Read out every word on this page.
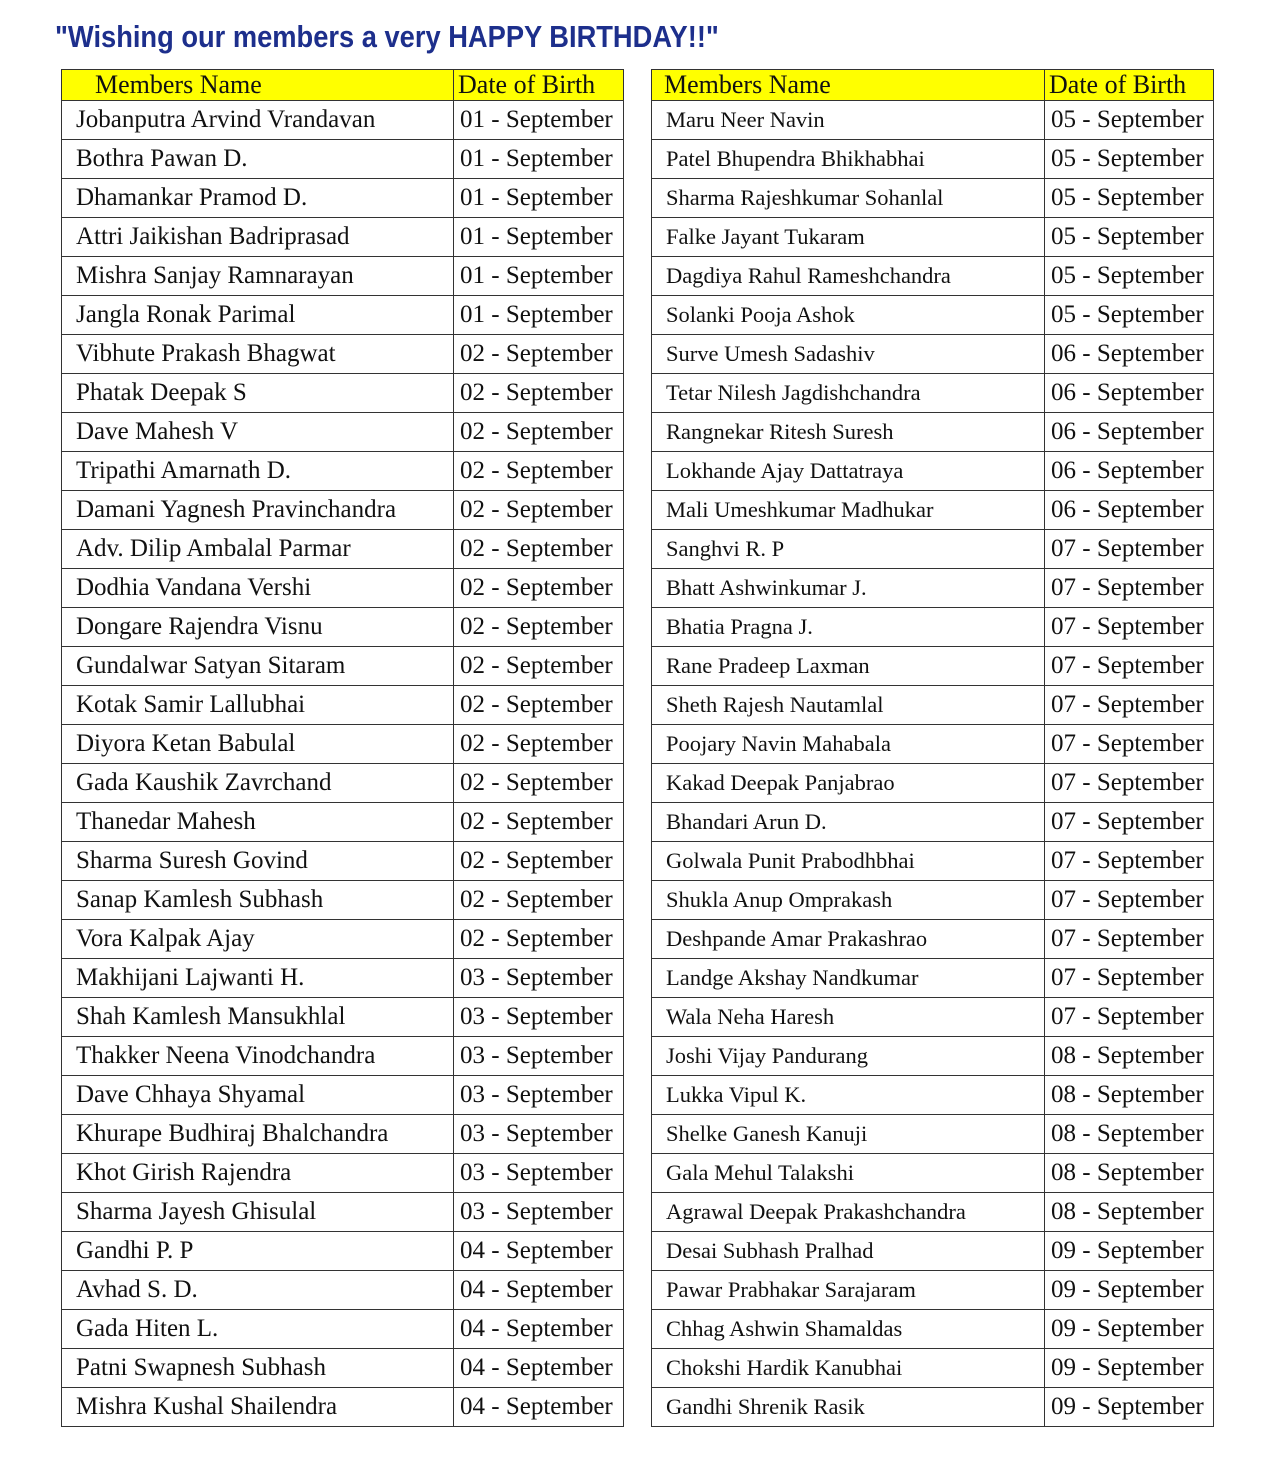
"Wishing our members a very HAPPY BIRTHDAY!!"
Members Name	Date of Birth
Jobanputra Arvind Vrandavan	01 - September
Bothra Pawan D.	01 - September
Dhamankar Pramod D.	01 - September
Attri Jaikishan Badriprasad	01 - September
Mishra Sanjay Ramnarayan	01 - September
Jangla Ronak Parimal	01 - September
Vibhute Prakash Bhagwat	02 - September
Phatak Deepak S	02 - September
Dave Mahesh V	02 - September
Tripathi Amarnath D.	02 - September
Damani Yagnesh Pravinchandra	02 - September
Adv. Dilip Ambalal Parmar	02 - September
Dodhia Vandana Vershi	02 - September
Dongare Rajendra Visnu	02 - September
Gundalwar Satyan Sitaram	02 - September
Kotak Samir Lallubhai	02 - September
Diyora Ketan Babulal	02 - September
Gada Kaushik Zavrchand	02 - September
Thanedar Mahesh	02 - September
Sharma Suresh Govind	02 - September
Sanap Kamlesh Subhash	02 - September
Vora Kalpak Ajay	02 - September
Makhijani Lajwanti H.	03 - September
Shah Kamlesh Mansukhlal	03 - September
Thakker Neena Vinodchandra	03 - September
Dave Chhaya Shyamal	03 - September
Khurape Budhiraj Bhalchandra	03 - September
Khot Girish Rajendra	03 - September
Sharma Jayesh Ghisulal	03 - September
Gandhi P. P	04 - September
Avhad S. D.	04 - September
Gada Hiten L.	04 - September
Patni Swapnesh Subhash	04 - September
Mishra Kushal Shailendra	04 - September
Members Name	Date of Birth
Maru Neer Navin	05 - September
Patel Bhupendra Bhikhabhai	05 - September
Sharma Rajeshkumar Sohanlal	05 - September
Falke Jayant Tukaram	05 - September
Dagdiya Rahul Rameshchandra	05 - September
Solanki Pooja Ashok	05 - September
Surve Umesh Sadashiv	06 - September
Tetar Nilesh Jagdishchandra	06 - September
Rangnekar Ritesh Suresh	06 - September
Lokhande Ajay Dattatraya	06 - September
Mali Umeshkumar Madhukar	06 - September
Sanghvi R. P	07 - September
Bhatt Ashwinkumar J.	07 - September
Bhatia Pragna J.	07 - September
Rane Pradeep Laxman	07 - September
Sheth Rajesh Nautamlal	07 - September
Poojary Navin Mahabala	07 - September
Kakad Deepak Panjabrao	07 - September
Bhandari Arun D.	07 - September
Golwala Punit Prabodhbhai	07 - September
Shukla Anup Omprakash	07 - September
Deshpande Amar Prakashrao	07 - September
Landge Akshay Nandkumar	07 - September
Wala Neha Haresh	07 - September
Joshi Vijay Pandurang	08 - September
Lukka Vipul K.	08 - September
Shelke Ganesh Kanuji	08 - September
Gala Mehul Talakshi	08 - September
Agrawal Deepak Prakashchandra	08 - September
Desai Subhash Pralhad	09 - September
Pawar Prabhakar Sarajaram	09 - September
Chhag Ashwin Shamaldas	09 - September
Chokshi Hardik Kanubhai	09 - September
Gandhi Shrenik Rasik	09 - September
